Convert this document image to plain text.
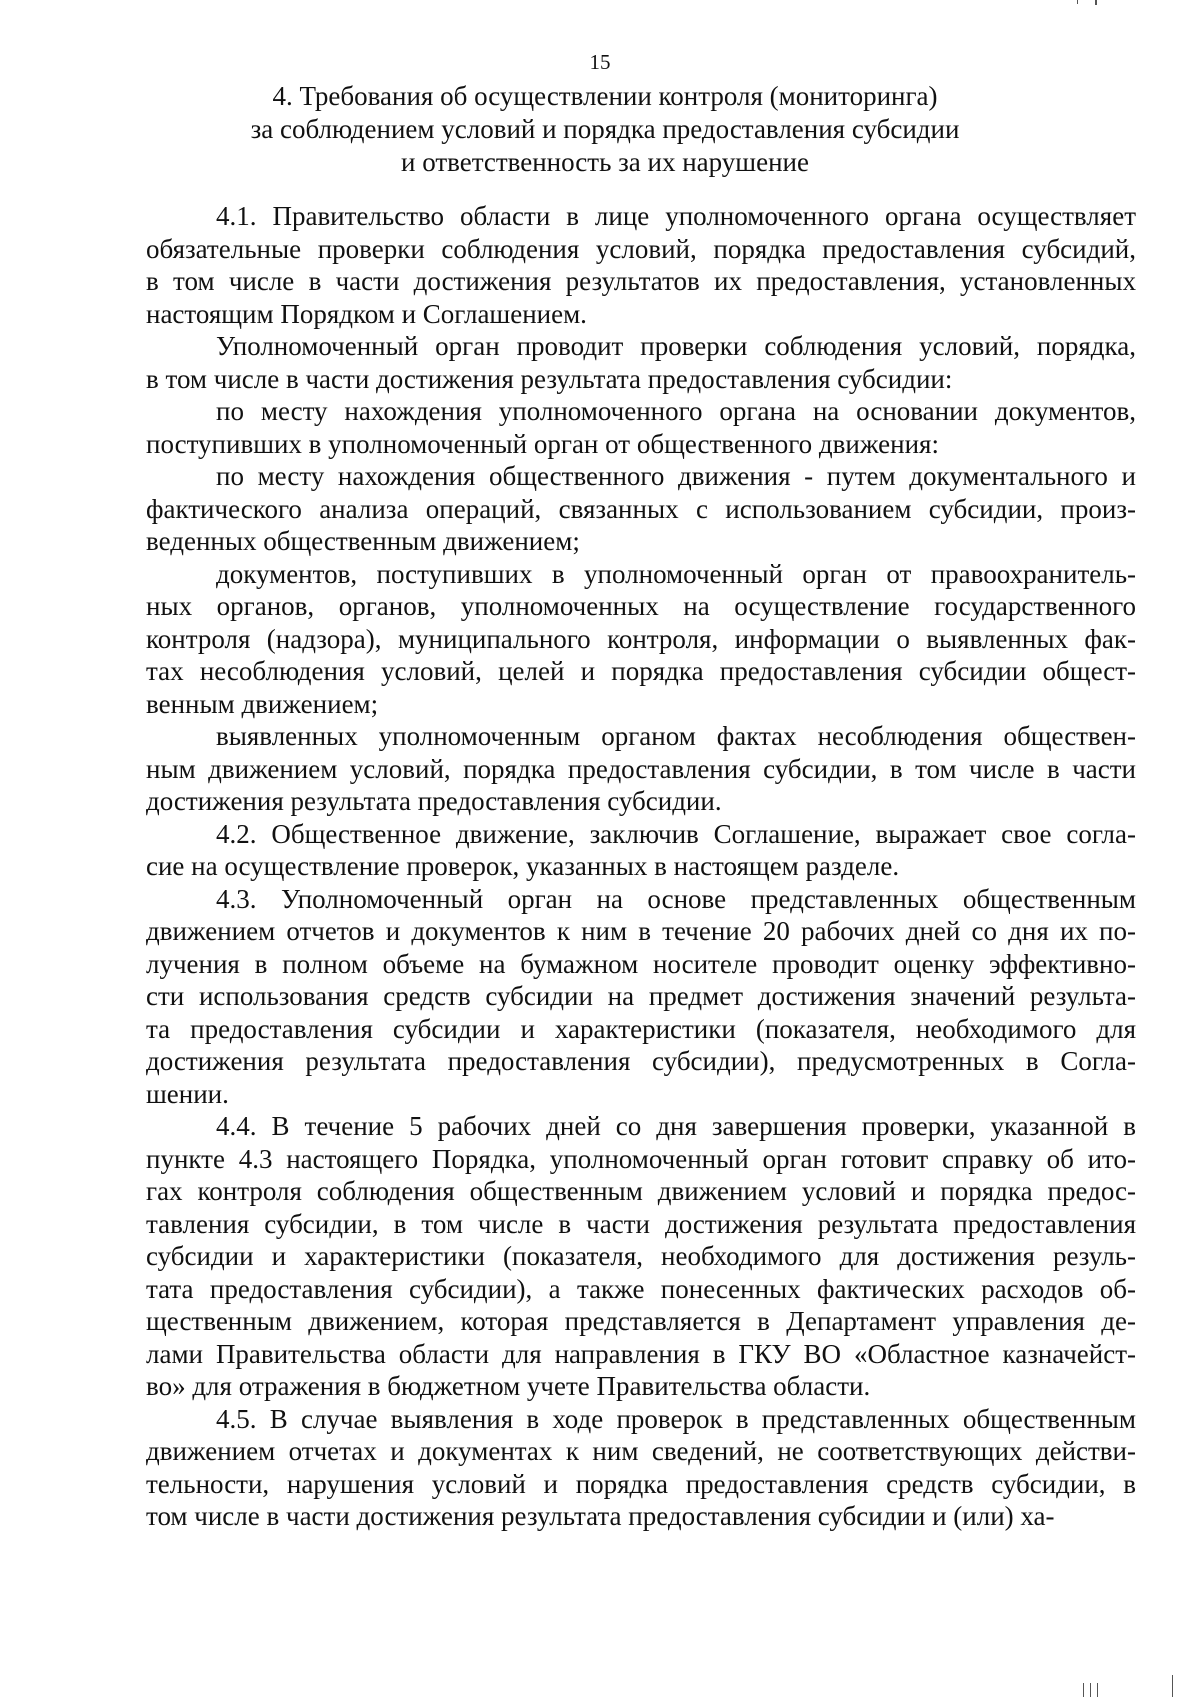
15
4. Требования об осуществлении контроля (мониторинга)
за соблюдением условий и порядка предоставления субсидии
и ответственность за их нарушение
4.1. Правительство области в лице уполномоченного органа осуществляет
обязательные проверки соблюдения условий, порядка предоставления субсидий,
в том числе в части достижения результатов их предоставления, установленных
настоящим Порядком и Соглашением.
Уполномоченный орган проводит проверки соблюдения условий, порядка,
в том числе в части достижения результата предоставления субсидии:
по месту нахождения уполномоченного органа на основании документов,
поступивших в уполномоченный орган от общественного движения:
по месту нахождения общественного движения - путем документального и
фактического анализа операций, связанных с использованием субсидии, произ-
веденных общественным движением;
документов, поступивших в уполномоченный орган от правоохранитель-
ных органов, органов, уполномоченных на осуществление государственного
контроля (надзора), муниципального контроля, информации о выявленных фак-
тах несоблюдения условий, целей и порядка предоставления субсидии общест-
венным движением;
выявленных уполномоченным органом фактах несоблюдения обществен-
ным движением условий, порядка предоставления субсидии, в том числе в части
достижения результата предоставления субсидии.
4.2. Общественное движение, заключив Соглашение, выражает свое согла-
сие на осуществление проверок, указанных в настоящем разделе.
4.3. Уполномоченный орган на основе представленных общественным
движением отчетов и документов к ним в течение 20 рабочих дней со дня их по-
лучения в полном объеме на бумажном носителе проводит оценку эффективно-
сти использования средств субсидии на предмет достижения значений результа-
та предоставления субсидии и характеристики (показателя, необходимого для
достижения результата предоставления субсидии), предусмотренных в Согла-
шении.
4.4. В течение 5 рабочих дней со дня завершения проверки, указанной в
пункте 4.3 настоящего Порядка, уполномоченный орган готовит справку об ито-
гах контроля соблюдения общественным движением условий и порядка предос-
тавления субсидии, в том числе в части достижения результата предоставления
субсидии и характеристики (показателя, необходимого для достижения резуль-
тата предоставления субсидии), а также понесенных фактических расходов об-
щественным движением, которая представляется в Департамент управления де-
лами Правительства области для направления в ГКУ ВО «Областное казначейст-
во» для отражения в бюджетном учете Правительства области.
4.5. В случае выявления в ходе проверок в представленных общественным
движением отчетах и документах к ним сведений, не соответствующих действи-
тельности, нарушения условий и порядка предоставления средств субсидии, в
том числе в части достижения результата предоставления субсидии и (или) ха-
